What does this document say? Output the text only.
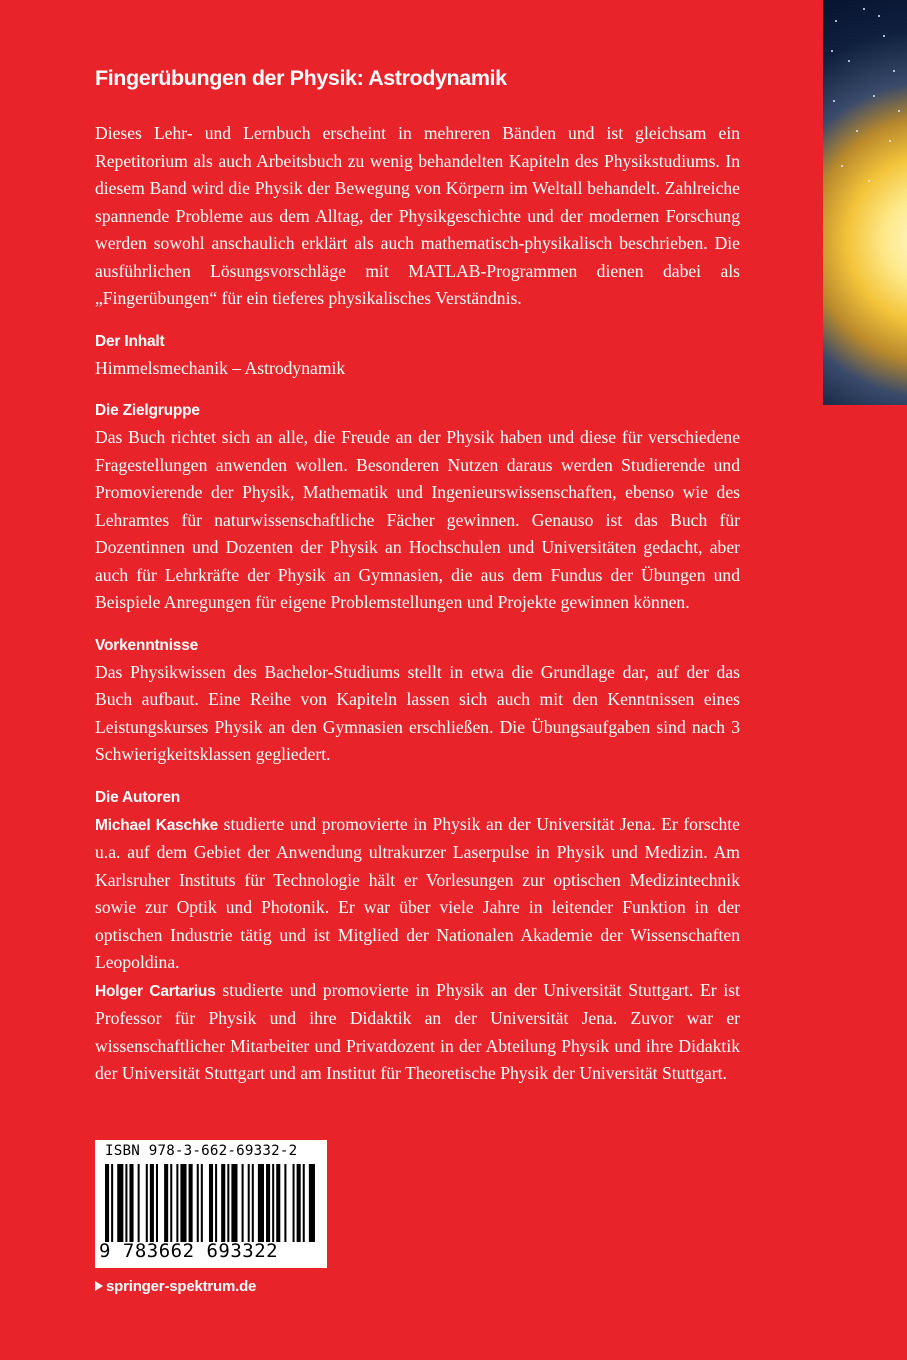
Fingerübungen der Physik: Astrodynamik

Dieses Lehr- und Lernbuch erscheint in mehreren Bänden und ist gleichsam ein Repetitorium als auch Arbeitsbuch zu wenig behandelten Kapiteln des Physikstudiums. In diesem Band wird die Physik der Bewegung von Körpern im Weltall behandelt. Zahlreiche spannende Probleme aus dem Alltag, der Physikgeschichte und der modernen Forschung werden sowohl anschaulich erklärt als auch mathematisch-physikalisch beschrieben. Die ausführlichen Lösungsvorschläge mit MATLAB-Programmen dienen dabei als „Fingerübungen“ für ein tieferes physikalisches Verständnis.

Der Inhalt

Himmelsmechanik – Astrodynamik

Die Zielgruppe

Das Buch richtet sich an alle, die Freude an der Physik haben und diese für verschiedene Fragestellungen anwenden wollen. Besonderen Nutzen daraus werden Studierende und Promovierende der Physik, Mathematik und Ingenieurswissenschaften, ebenso wie des Lehramtes für naturwissenschaftliche Fächer gewinnen. Genauso ist das Buch für Dozentinnen und Dozenten der Physik an Hochschulen und Universitäten gedacht, aber auch für Lehrkräfte der Physik an Gymnasien, die aus dem Fundus der Übungen und Beispiele Anregungen für eigene Problemstellungen und Projekte gewinnen können.

Vorkenntnisse

Das Physikwissen des Bachelor-Studiums stellt in etwa die Grundlage dar, auf der das Buch aufbaut. Eine Reihe von Kapiteln lassen sich auch mit den Kenntnissen eines Leistungskurses Physik an den Gymnasien erschließen. Die Übungsaufgaben sind nach 3 Schwierigkeitsklassen gegliedert.

Die Autoren

Michael Kaschke studierte und promovierte in Physik an der Universität Jena. Er forschte u.a. auf dem Gebiet der Anwendung ultrakurzer Laserpulse in Physik und Medizin. Am Karlsruher Instituts für Technologie hält er Vorlesungen zur optischen Medizintechnik sowie zur Optik und Photonik. Er war über viele Jahre in leitender Funktion in der optischen Industrie tätig und ist Mitglied der Nationalen Akademie der Wissenschaften Leopoldina.

Holger Cartarius studierte und promovierte in Physik an der Universität Stuttgart. Er ist Professor für Physik und ihre Didaktik an der Universität Jena. Zuvor war er wissenschaftlicher Mitarbeiter und Privatdozent in der Abteilung Physik und ihre Didaktik der Universität Stuttgart und am Institut für Theoretische Physik der Universität Stuttgart.

ISBN 978-3-662-69332-2
9 783662 693322
springer-spektrum.de
